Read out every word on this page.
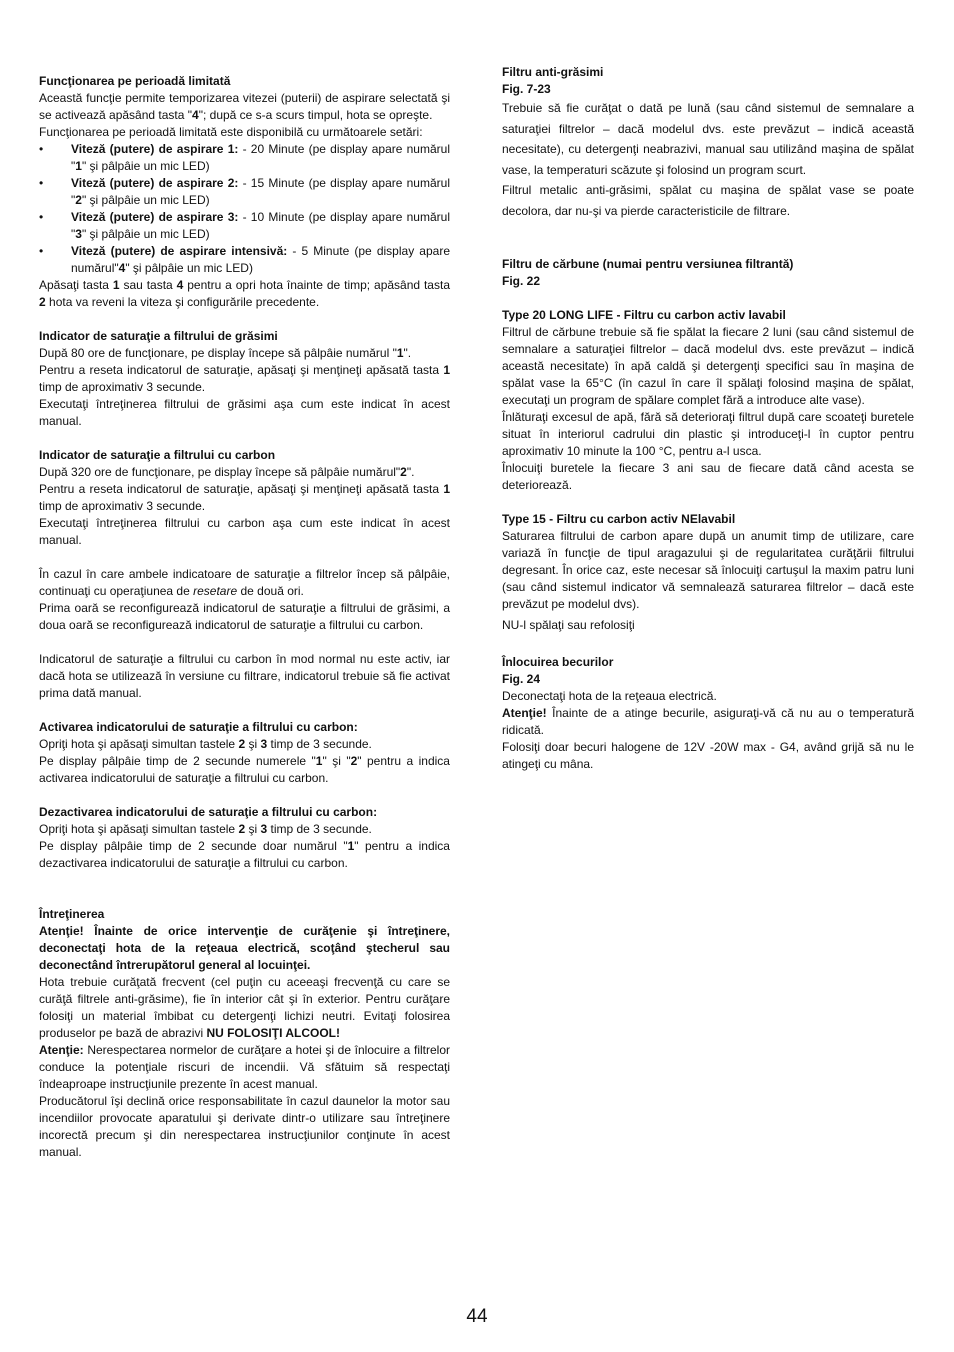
Funcţionarea pe perioadă limitată

Această funcţie permite temporizarea vitezei (puterii) de aspirare selectată şi se activează apăsând tasta "4"; după ce s-a scurs timpul, hota se opreşte.

Funcţionarea pe perioadă limitată este disponibilă cu următoarele setări:

• Viteză (putere) de aspirare 1: - 20 Minute (pe display apare numărul "1" şi pâlpâie un mic LED)
• Viteză (putere) de aspirare 2: - 15 Minute (pe display apare numărul "2" şi pâlpâie un mic LED)
• Viteză (putere) de aspirare 3: - 10 Minute (pe display apare numărul "3" şi pâlpâie un mic LED)
• Viteză (putere) de aspirare intensivă: - 5 Minute (pe display apare numărul"4" şi pâlpâie un mic LED)

Apăsaţi tasta 1 sau tasta 4 pentru a opri hota înainte de timp; apăsând tasta 2 hota va reveni la viteza şi configurările precedente.

Indicator de saturaţie a filtrului de grăsimi

După 80 ore de funcţionare, pe display începe să pâlpâie numărul "1".

Pentru a reseta indicatorul de saturaţie, apăsaţi şi menţineţi apăsată tasta 1 timp de aproximativ 3 secunde.

Executaţi întreţinerea filtrului de grăsimi aşa cum este indicat în acest manual.

Indicator de saturaţie a filtrului cu carbon

După 320 ore de funcţionare, pe display începe să pâlpâie numărul"2".

Pentru a reseta indicatorul de saturaţie, apăsaţi şi menţineţi apăsată tasta 1 timp de aproximativ 3 secunde.

Executaţi întreţinerea filtrului cu carbon aşa cum este indicat în acest manual.

În cazul în care ambele indicatoare de saturaţie a filtrelor încep să pâlpâie, continuaţi cu operaţiunea de resetare de două ori.

Prima oară se reconfigurează indicatorul de saturaţie a filtrului de grăsimi, a doua oară se reconfigurează indicatorul de saturaţie a filtrului cu carbon.

Indicatorul de saturaţie a filtrului cu carbon în mod normal nu este activ, iar dacă hota se utilizează în versiune cu filtrare, indicatorul trebuie să fie activat prima dată manual.

Activarea indicatorului de saturaţie a filtrului cu carbon:

Opriţi hota şi apăsaţi simultan tastele 2 şi 3 timp de 3 secunde.

Pe display pâlpâie timp de 2 secunde numerele "1" şi "2" pentru a indica activarea indicatorului de saturaţie a filtrului cu carbon.

Dezactivarea indicatorului de saturaţie a filtrului cu carbon:

Opriţi hota şi apăsaţi simultan tastele 2 şi 3 timp de 3 secunde.

Pe display pâlpâie timp de 2 secunde doar numărul "1" pentru a indica dezactivarea indicatorului de saturaţie a filtrului cu carbon.

Întreţinerea

Atenţie! Înainte de orice intervenţie de curăţenie şi întreţinere, deconectaţi hota de la reţeaua electrică, scoţând ştecherul sau deconectând întrerupătorul general al locuinţei.

Hota trebuie curăţată frecvent (cel puţin cu aceeaşi frecvenţă cu care se curăţă filtrele anti-grăsime), fie în interior cât şi în exterior. Pentru curăţare folosiţi un material îmbibat cu detergenţi lichizi neutri. Evitaţi folosirea produselor pe bază de abrazivi NU FOLOSIŢI ALCOOL!

Atenţie: Nerespectarea normelor de curăţare a hotei şi de înlocuire a filtrelor conduce la potenţiale riscuri de incendii. Vă sfătuim să respectaţi îndeaproape instrucţiunile prezente în acest manual.

Producătorul îşi declină orice responsabilitate în cazul daunelor la motor sau incendiilor provocate aparatului şi derivate dintr-o utilizare sau întreţinere incorectă precum şi din nerespectarea instrucţiunilor conţinute în acest manual.

Filtru anti-grăsimi

Fig. 7-23

Trebuie să fie curăţat o dată pe lună (sau când sistemul de semnalare a saturaţiei filtrelor – dacă modelul dvs. este prevăzut – indică această necesitate), cu detergenţi neabrazivi, manual sau utilizând maşina de spălat vase, la temperaturi scăzute şi folosind un program scurt.

Filtrul metalic anti-grăsimi, spălat cu maşina de spălat vase se poate decolora, dar nu-şi va pierde caracteristicile de filtrare.

Filtru de cărbune (numai pentru versiunea filtrantă)

Fig. 22

Type 20 LONG LIFE - Filtru cu carbon activ lavabil

Filtrul de cărbune trebuie să fie spălat la fiecare 2 luni (sau când sistemul de semnalare a saturaţiei filtrelor – dacă modelul dvs. este prevăzut – indică această necesitate) în apă caldă şi detergenţi specifici sau în maşina de spălat vase la 65°C (în cazul în care îl spălaţi folosind maşina de spălat, executaţi un program de spălare complet fără a introduce alte vase).

Înlăturaţi excesul de apă, fără să deterioraţi filtrul după care scoateţi buretele situat în interiorul cadrului din plastic şi introduceţi-l în cuptor pentru aproximativ 10 minute la 100 °C, pentru a-l usca.

Înlocuiţi buretele la fiecare 3 ani sau de fiecare dată când acesta se deteriorează.

Type 15 - Filtru cu carbon activ NElavabil

Saturarea filtrului de carbon apare după un anumit timp de utilizare, care variază în funcţie de tipul aragazului şi de regularitatea curăţării filtrului degresant. În orice caz, este necesar să înlocuiţi cartuşul la maxim patru luni (sau când sistemul indicator vă semnalează saturarea filtrelor – dacă este prevăzut pe modelul dvs).

NU-l spălaţi sau refolosiţi

Înlocuirea becurilor

Fig. 24

Deconectaţi hota de la reţeaua electrică.

Atenţie! Înainte de a atinge becurile, asiguraţi-vă că nu au o temperatură ridicată.

Folosiţi doar becuri halogene de 12V -20W max - G4, având grijă să nu le atingeţi cu mâna.

44
